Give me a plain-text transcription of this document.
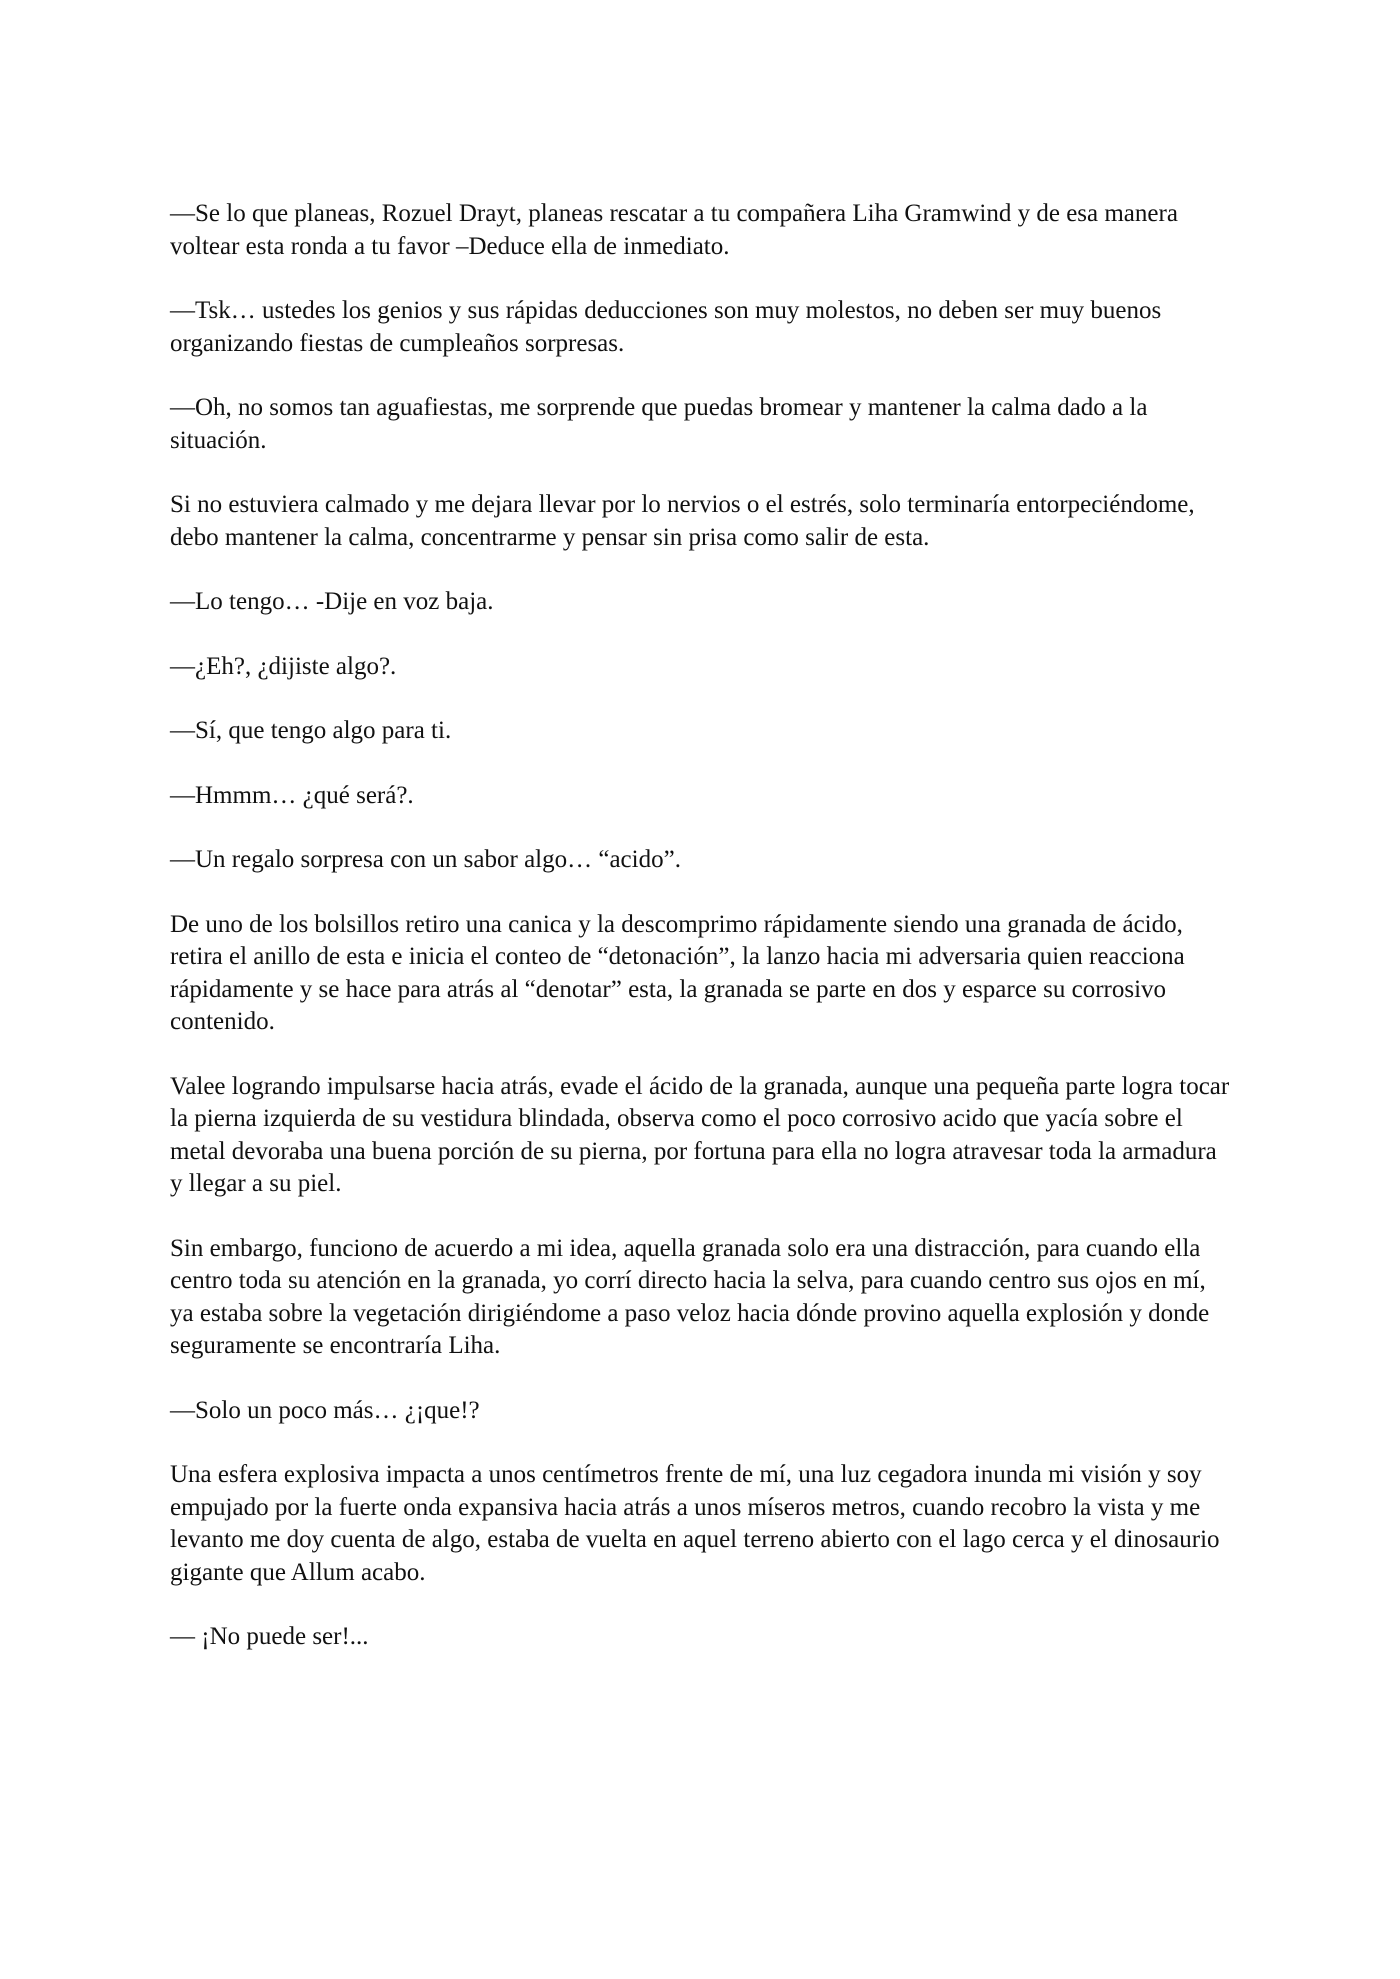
—Se lo que planeas, Rozuel Drayt, planeas rescatar a tu compañera Liha Gramwind y de esa manera voltear esta ronda a tu favor –Deduce ella de inmediato.

—Tsk… ustedes los genios y sus rápidas deducciones son muy molestos, no deben ser muy buenos organizando fiestas de cumpleaños sorpresas.

—Oh, no somos tan aguafiestas, me sorprende que puedas bromear y mantener la calma dado a la situación.

Si no estuviera calmado y me dejara llevar por lo nervios o el estrés, solo terminaría entorpeciéndome, debo mantener la calma, concentrarme y pensar sin prisa como salir de esta.

—Lo tengo… -Dije en voz baja.

—¿Eh?, ¿dijiste algo?.

—Sí, que tengo algo para ti.

—Hmmm… ¿qué será?.

—Un regalo sorpresa con un sabor algo… “acido”.

De uno de los bolsillos retiro una canica y la descomprimo rápidamente siendo una granada de ácido, retira el anillo de esta e inicia el conteo de “detonación”, la lanzo hacia mi adversaria quien reacciona rápidamente y se hace para atrás al “denotar” esta, la granada se parte en dos y esparce su corrosivo contenido.

Valee logrando impulsarse hacia atrás, evade el ácido de la granada, aunque una pequeña parte logra tocar la pierna izquierda de su vestidura blindada, observa como el poco corrosivo acido que yacía sobre el metal devoraba una buena porción de su pierna, por fortuna para ella no logra atravesar toda la armadura y llegar a su piel.

Sin embargo, funciono de acuerdo a mi idea, aquella granada solo era una distracción, para cuando ella centro toda su atención en la granada, yo corrí directo hacia la selva, para cuando centro sus ojos en mí, ya estaba sobre la vegetación dirigiéndome a paso veloz hacia dónde provino aquella explosión y donde seguramente se encontraría Liha.

—Solo un poco más… ¿¡que!?

Una esfera explosiva impacta a unos centímetros frente de mí, una luz cegadora inunda mi visión y soy empujado por la fuerte onda expansiva hacia atrás a unos míseros metros, cuando recobro la vista y me levanto me doy cuenta de algo, estaba de vuelta en aquel terreno abierto con el lago cerca y el dinosaurio gigante que Allum acabo.

— ¡No puede ser!...
